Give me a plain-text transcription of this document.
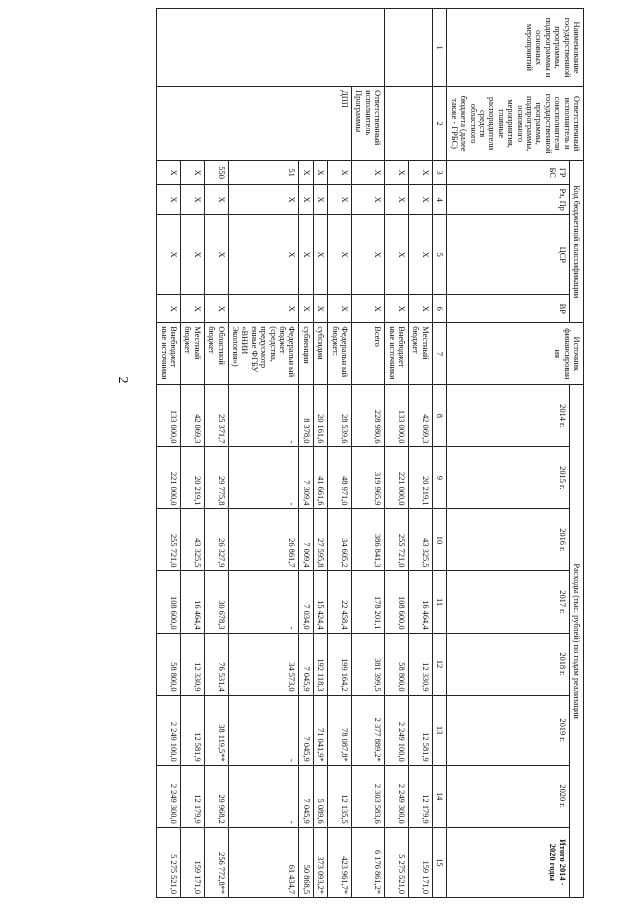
2
Наименование государственной программы, подпрограммы и основных мероприятий	Ответственный исполнитель и соисполнители государственной программы, подпрограммы, основного мероприятия, главные распорядители средств областного бюджета (далее также - ГРБС)	Код бюджетной классификации				Источник финансирования	Расходы (тыс. рублей) по годам реализации							
		ГР БС	Рз, Пр	ЦСР	ВР		2014 г.	2015 г.	2016 г.	2017 г.	2018 г.	2019 г.	2020 г.	Итого 2014 - 2020 годы

1	2	3	4	5	6	7	8	9	10	11	12	13	14	15
		X	X	X	X	Местный бюджет	42 069,3	20 219,1	43 325,5	16 464,4	12 330,9	12 581,9	12 179,9	159 171,0
		X	X	X	X	Внебюджет ные источники	133 000,0	221 000,0	255 721,0	108 600,0	58 800,0	2 249 100,0	2 249 300,0	5 275 521,0
	Ответственный исполнитель Программы	X	X	X	X	Всего	228 980,6	319 965,9	386 841,3	178 201,1	381 399,5	2 377 889,2*	2 303 583,6	6 176 861,2*
	ДПП	X	X	X	X	Федеральн ый бюджет:	28 539,6	48 971,0	34 605,2	22 458,4	199 164,2	78 087,8*	12 135,5	423 961,7*
		X	X	X	X	субсидии	20 161,6	41 661,6	27 595,8	15 424,4	192 118,3	71 041,9*	5 089,6	373 093,2*
		X	X	X	X	субвенции	8 378,0	7 309,4	7 009,4	7 034,0	7 045,9	7 045,9	7 045,9	50 868,5
		51	X	X	X	Федеральн ый бюджет (средства, предусмотр енные ФГБУ «ВНИИ Экология»)	-	-	26 861,7	-	34 573,0	-	-	61 434,7
		550	X	X	X	Областной бюджет	25 371,7	29 775,8	26 327,9	30 678,3	76 531,4	38 119,5**	29 968,2	256 772,8**
		X	X	X	X	Местный бюджет	42 069,3	20 219,1	43 325,5	16 464,4	12 330,9	12 581,9	12 179,9	159 171,0
		X	X	X	X	Внебюджет ные источники	133 000,0	221 000,0	255 721,0	108 600,0	58 800,0	2 249 100,0	2 249 300,0	5 275 521,0
